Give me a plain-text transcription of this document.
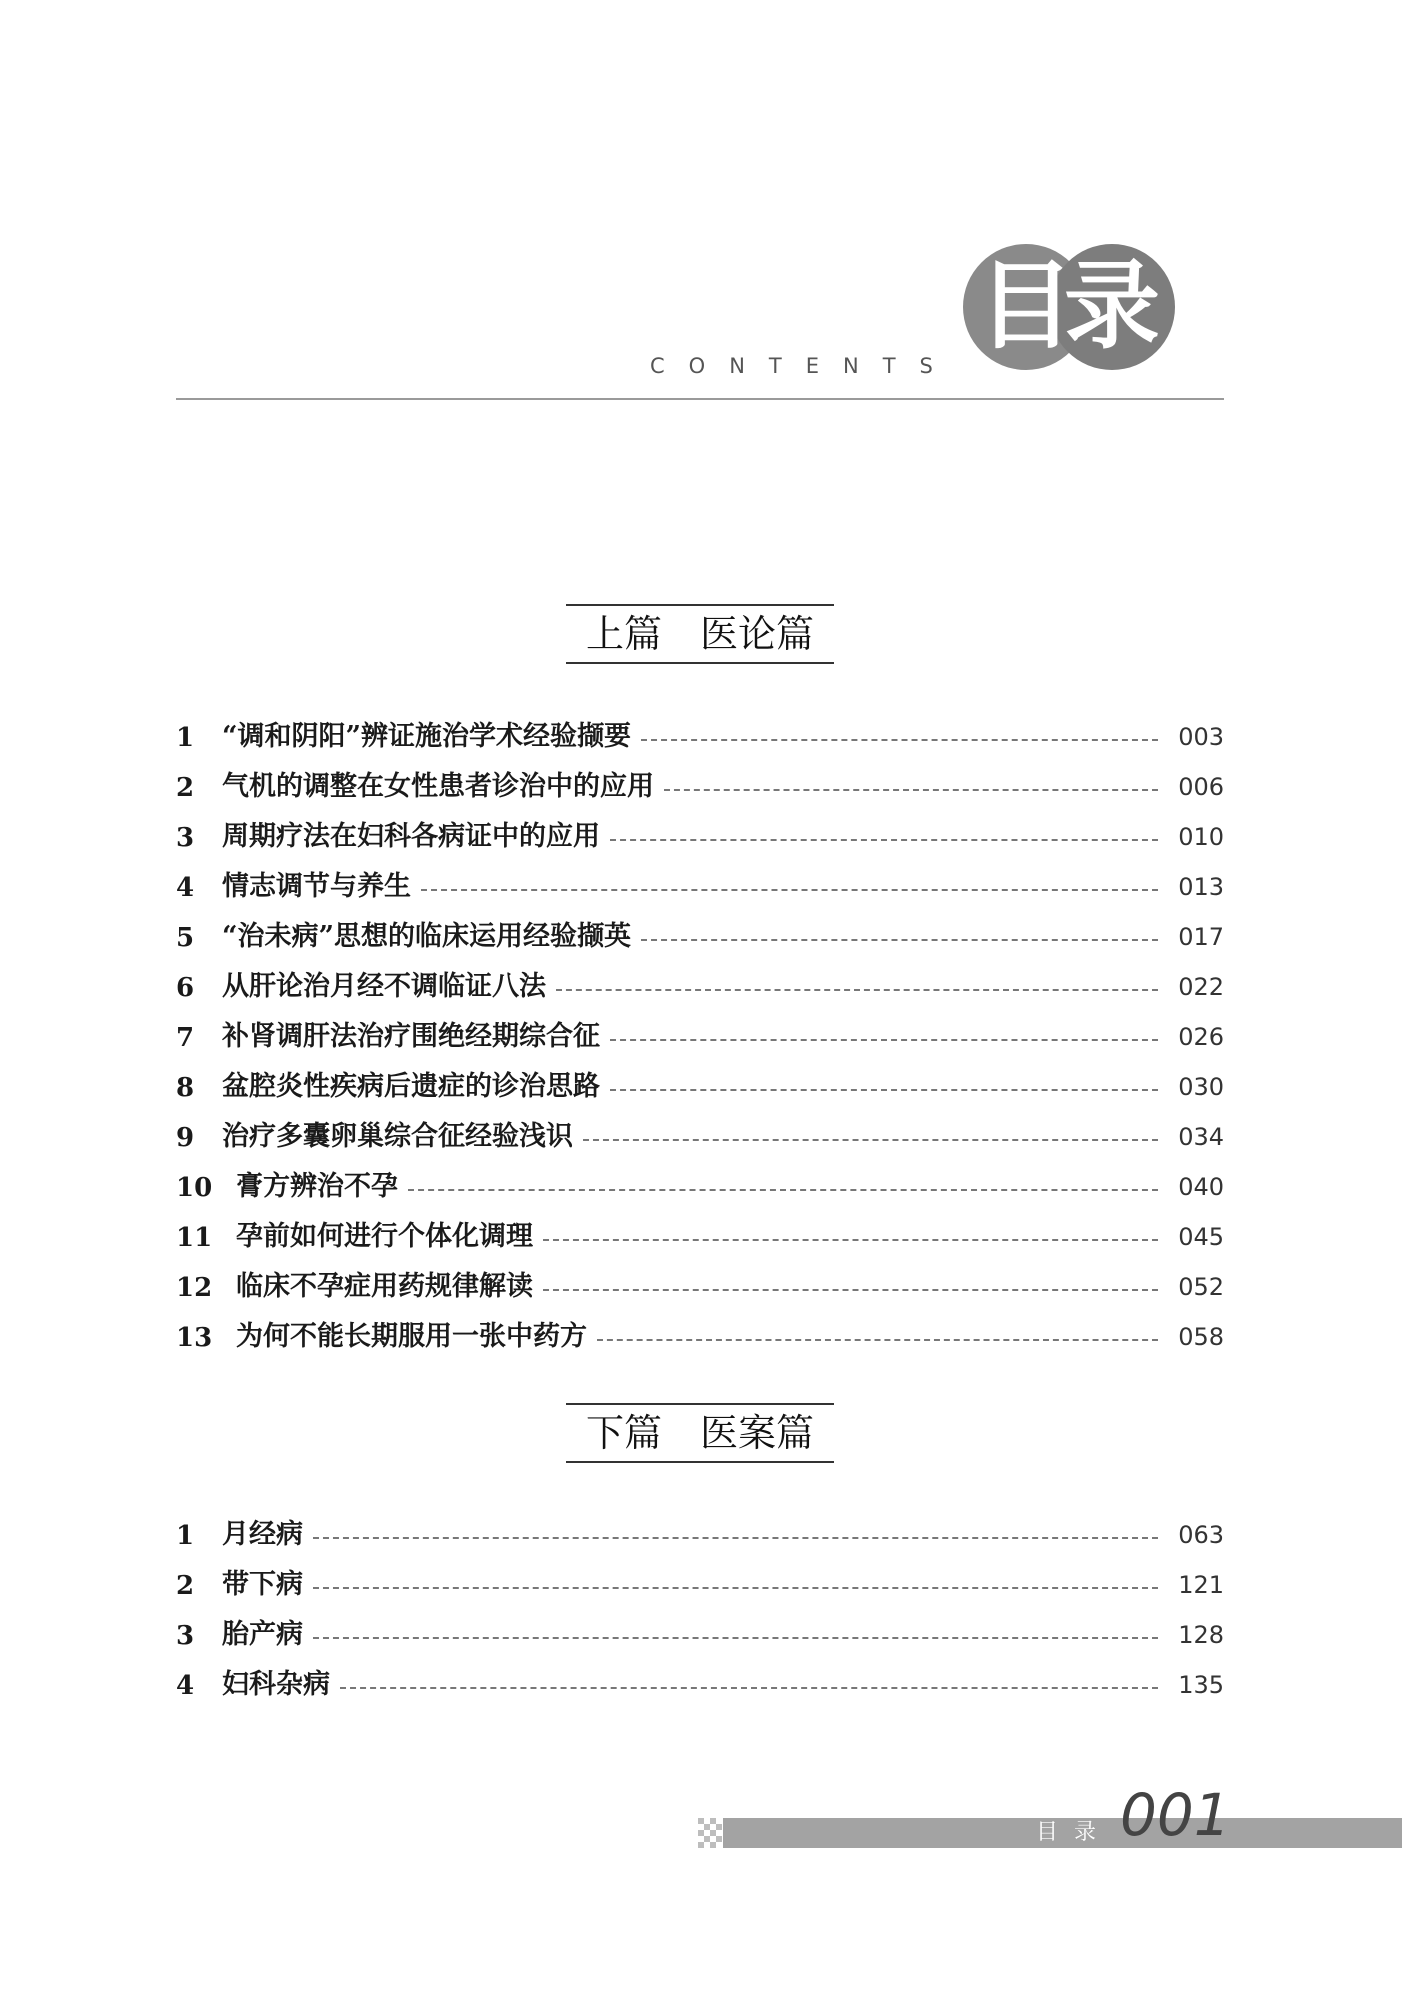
目
录
CONTENTS
上篇　医论篇
1	“调和阴阳”辨证施治学术经验撷要	003
2	气机的调整在女性患者诊治中的应用	006
3	周期疗法在妇科各病证中的应用	010
4	情志调节与养生	013
5	“治未病”思想的临床运用经验撷英	017
6	从肝论治月经不调临证八法	022
7	补肾调肝法治疗围绝经期综合征	026
8	盆腔炎性疾病后遗症的诊治思路	030
9	治疗多囊卵巢综合征经验浅识	034
10 膏方辨治不孕	040
11 孕前如何进行个体化调理	045
12 临床不孕症用药规律解读	052
13 为何不能长期服用一张中药方	058
下篇　医案篇
1	月经病	063
2	带下病	121
3	胎产病	128
4	妇科杂病	135
目录 001
